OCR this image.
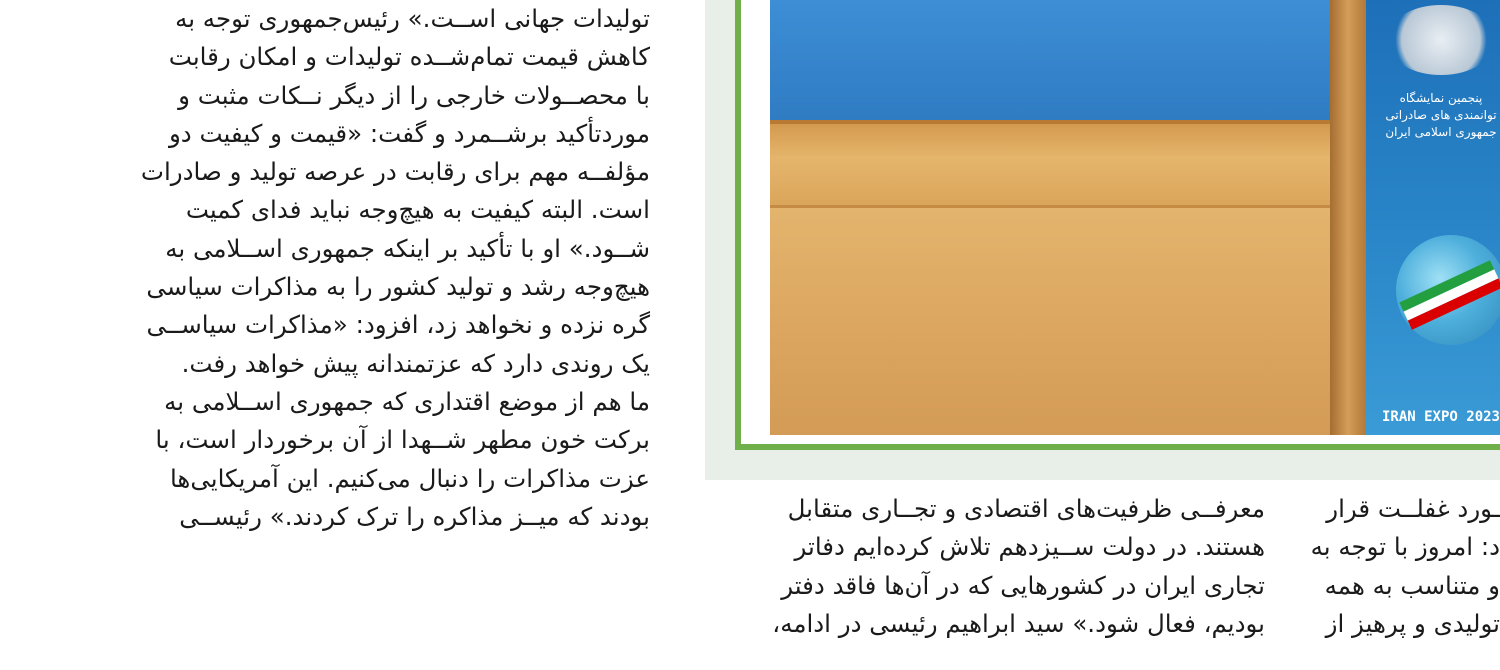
پنجمین نمایشگاه
توانمندی های صادراتی
جمهوری اسلامی ایران
IRAN EXPO 2023
تولیدات جهانی اســت.» رئیس‌جمهوری توجه به
کاهش قیمت تمام‌شــده تولیدات و امکان رقابت
با محصــولات خارجی را از دیگر نــکات مثبت و
موردتأکید برشــمرد و گفت: «قیمت و کیفیت دو
مؤلفــه مهم برای رقابت در عرصه تولید و صادرات
است. البته کیفیت به هیچ‌وجه نباید فدای کمیت
شــود.» او با تأکید بر اینکه جمهوری اســلامی به
هیچ‌وجه رشد و تولید کشور را به مذاکرات سیاسی
گره نزده و نخواهد زد، افزود: «مذاکرات سیاســی
یک روندی دارد که عزتمندانه پیش خواهد رفت.
ما هم از موضع اقتداری که جمهوری اســلامی به
برکت خون مطهر شــهدا از آن برخوردار است، با
عزت مذاکرات را دنبال می‌کنیم. این آمریکایی‌ها
بودند که میــز مذاکره را ترک کردند.» رئیســی	معرفــی ظرفیت‌های اقتصادی و تجــاری متقابل
هستند. در دولت ســیزدهم تلاش کرده‌ایم دفاتر
تجاری ایران در کشورهایی که در آن‌ها فاقد دفتر
بودیم، فعال شود.» سید ابراهیم رئیسی در ادامه،
ـورد غفلــت قرار
د: امروز با توجه به
و متناسب به همه
تولیدی و پرهیز از
